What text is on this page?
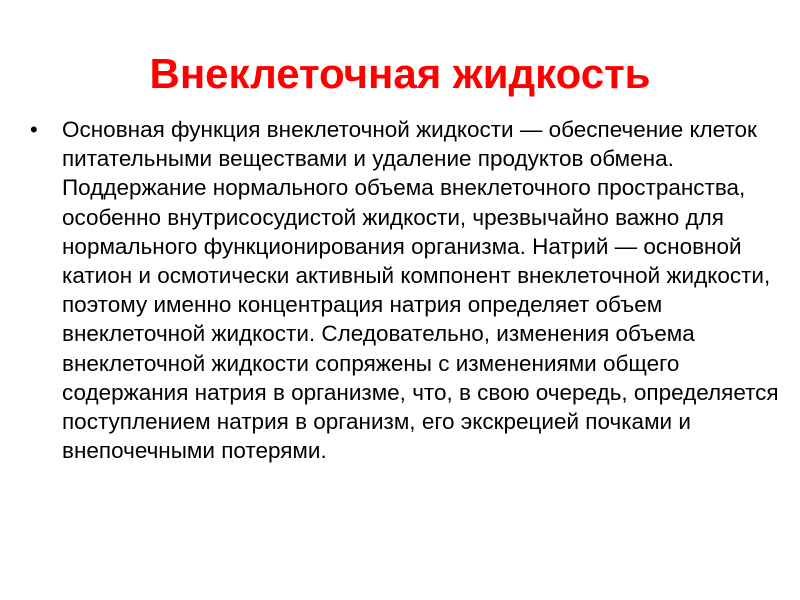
Внеклеточная жидкость
• Основная функция внеклеточной жидкости — обеспечение клеток питательными веществами и удаление продуктов обмена. Поддержание нормального объема внеклеточного пространства, особенно внутрисосудистой жидкости, чрезвычайно важно для нормального функционирования организма. Натрий — основной катион и осмотически активный компонент внеклеточной жидкости, поэтому именно концентрация натрия определяет объем внеклеточной жидкости. Следовательно, изменения объема внеклеточной жидкости сопряжены с изменениями общего содержания натрия в организме, что, в свою очередь, определяется поступлением натрия в организм, его экскрецией почками и внепочечными потерями.
